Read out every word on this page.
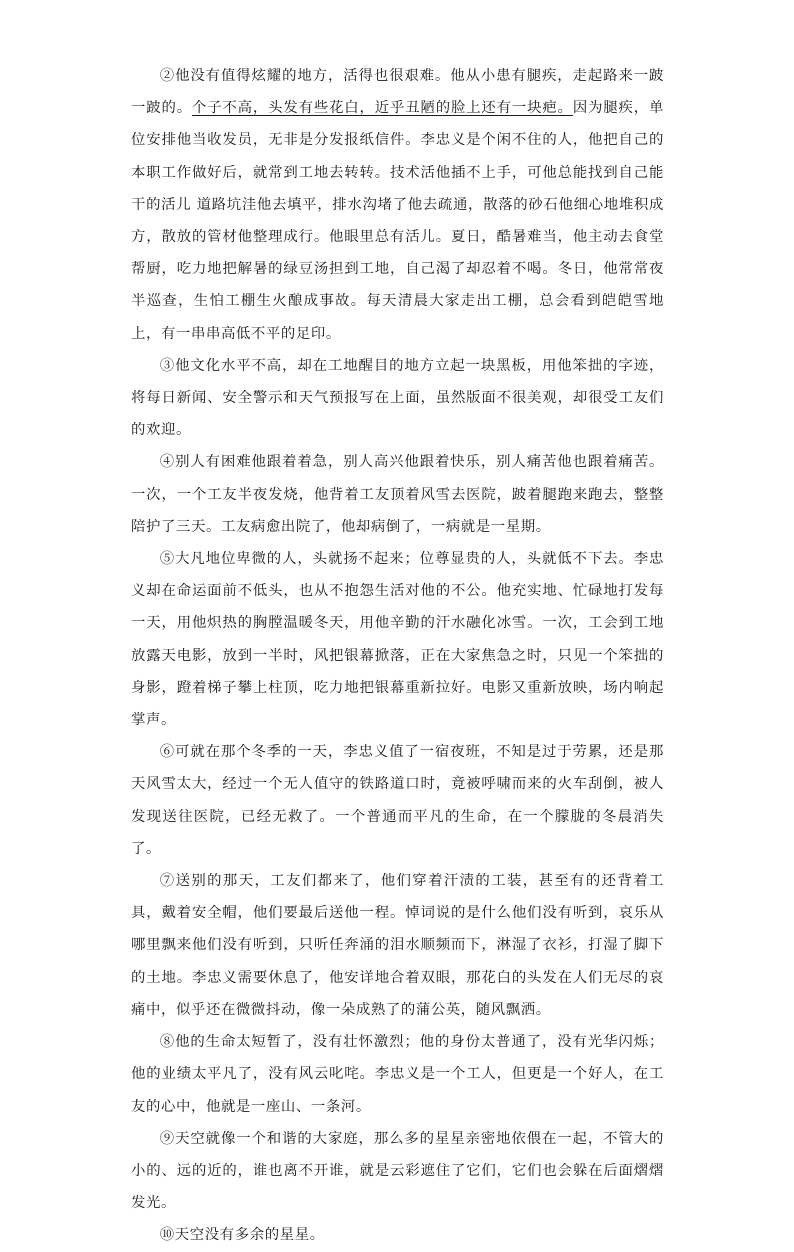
②他没有值得炫耀的地方，活得也很艰难。他从小患有腿疾，走起路来一跛一跛的。个子不高，头发有些花白，近乎丑陋的脸上还有一块疤。因为腿疾，单位安排他当收发员，无非是分发报纸信件。李忠义是个闲不住的人，他把自己的本职工作做好后，就常到工地去转转。技术活他插不上手，可他总能找到自己能干的活儿 道路坑洼他去填平，排水沟堵了他去疏通，散落的砂石他细心地堆积成方，散放的管材他整理成行。他眼里总有活儿。夏日，酷暑难当，他主动去食堂帮厨，吃力地把解暑的绿豆汤担到工地，自己渴了却忍着不喝。冬日，他常常夜半巡查，生怕工棚生火酿成事故。每天清晨大家走出工棚，总会看到皑皑雪地上，有一串串高低不平的足印。

③他文化水平不高，却在工地醒目的地方立起一块黑板，用他笨拙的字迹，将每日新闻、安全警示和天气预报写在上面，虽然版面不很美观，却很受工友们的欢迎。

④别人有困难他跟着着急，别人高兴他跟着快乐，别人痛苦他也跟着痛苦。一次，一个工友半夜发烧，他背着工友顶着风雪去医院，跛着腿跑来跑去，整整陪护了三天。工友病愈出院了，他却病倒了，一病就是一星期。

⑤大凡地位卑微的人，头就扬不起来；位尊显贵的人，头就低不下去。李忠义却在命运面前不低头，也从不抱怨生活对他的不公。他充实地、忙碌地打发每一天，用他炽热的胸膛温暖冬天，用他辛勤的汗水融化冰雪。一次，工会到工地放露天电影，放到一半时，风把银幕掀落，正在大家焦急之时，只见一个笨拙的身影，蹬着梯子攀上柱顶，吃力地把银幕重新拉好。电影又重新放映，场内响起掌声。

⑥可就在那个冬季的一天，李忠义值了一宿夜班，不知是过于劳累，还是那天风雪太大，经过一个无人值守的铁路道口时，竟被呼啸而来的火车刮倒，被人发现送往医院，已经无救了。一个普通而平凡的生命，在一个朦胧的冬晨消失了。

⑦送别的那天，工友们都来了，他们穿着汗渍的工装，甚至有的还背着工具，戴着安全帽，他们要最后送他一程。悼词说的是什么他们没有听到，哀乐从哪里飘来他们没有听到，只听任奔涌的泪水顺频而下，淋湿了衣衫，打湿了脚下的土地。李忠义需要休息了，他安详地合着双眼，那花白的头发在人们无尽的哀痛中，似乎还在微微抖动，像一朵成熟了的蒲公英，随风飘洒。

⑧他的生命太短暂了，没有壮怀激烈；他的身份太普通了，没有光华闪烁；他的业绩太平凡了，没有风云叱咤。李忠义是一个工人，但更是一个好人，在工友的心中，他就是一座山、一条河。

⑨天空就像一个和谐的大家庭，那么多的星星亲密地依偎在一起，不管大的小的、远的近的，谁也离不开谁，就是云彩遮住了它们，它们也会躲在后面熠熠发光。

⑩天空没有多余的星星。
